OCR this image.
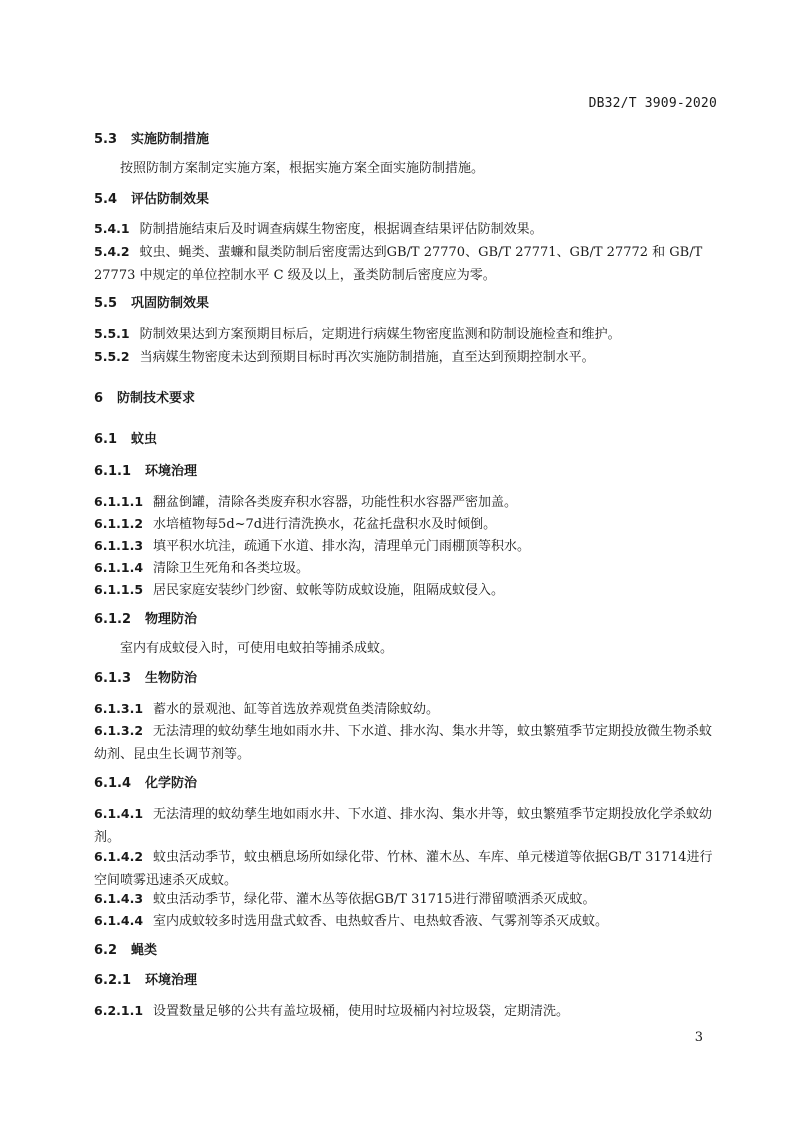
DB32/T 3909-2020
5.3 实施防制措施
按照防制方案制定实施方案，根据实施方案全面实施防制措施。
5.4 评估防制效果
5.4.1 防制措施结束后及时调查病媒生物密度，根据调查结果评估防制效果。
5.4.2 蚊虫、蝇类、蜚蠊和鼠类防制后密度需达到GB/T 27770、GB/T 27771、GB/T 27772 和 GB/T 27773 中规定的单位控制水平 C 级及以上，蚤类防制后密度应为零。
5.5 巩固防制效果
5.5.1 防制效果达到方案预期目标后，定期进行病媒生物密度监测和防制设施检查和维护。
5.5.2 当病媒生物密度未达到预期目标时再次实施防制措施，直至达到预期控制水平。
6 防制技术要求
6.1 蚊虫
6.1.1 环境治理
6.1.1.1 翻盆倒罐，清除各类废弃积水容器，功能性积水容器严密加盖。
6.1.1.2 水培植物每5d~7d进行清洗换水，花盆托盘积水及时倾倒。
6.1.1.3 填平积水坑洼，疏通下水道、排水沟，清理单元门雨棚顶等积水。
6.1.1.4 清除卫生死角和各类垃圾。
6.1.1.5 居民家庭安装纱门纱窗、蚊帐等防成蚊设施，阻隔成蚊侵入。
6.1.2 物理防治
室内有成蚊侵入时，可使用电蚊拍等捕杀成蚊。
6.1.3 生物防治
6.1.3.1 蓄水的景观池、缸等首选放养观赏鱼类清除蚊幼。
6.1.3.2 无法清理的蚊幼孳生地如雨水井、下水道、排水沟、集水井等，蚊虫繁殖季节定期投放微生物杀蚊幼剂、昆虫生长调节剂等。
6.1.4 化学防治
6.1.4.1 无法清理的蚊幼孳生地如雨水井、下水道、排水沟、集水井等，蚊虫繁殖季节定期投放化学杀蚊幼剂。
6.1.4.2 蚊虫活动季节，蚊虫栖息场所如绿化带、竹林、灌木丛、车库、单元楼道等依据GB/T 31714进行空间喷雾迅速杀灭成蚊。
6.1.4.3 蚊虫活动季节，绿化带、灌木丛等依据GB/T 31715进行滞留喷洒杀灭成蚊。
6.1.4.4 室内成蚊较多时选用盘式蚊香、电热蚊香片、电热蚊香液、气雾剂等杀灭成蚊。
6.2 蝇类
6.2.1 环境治理
6.2.1.1 设置数量足够的公共有盖垃圾桶，使用时垃圾桶内衬垃圾袋，定期清洗。
3
